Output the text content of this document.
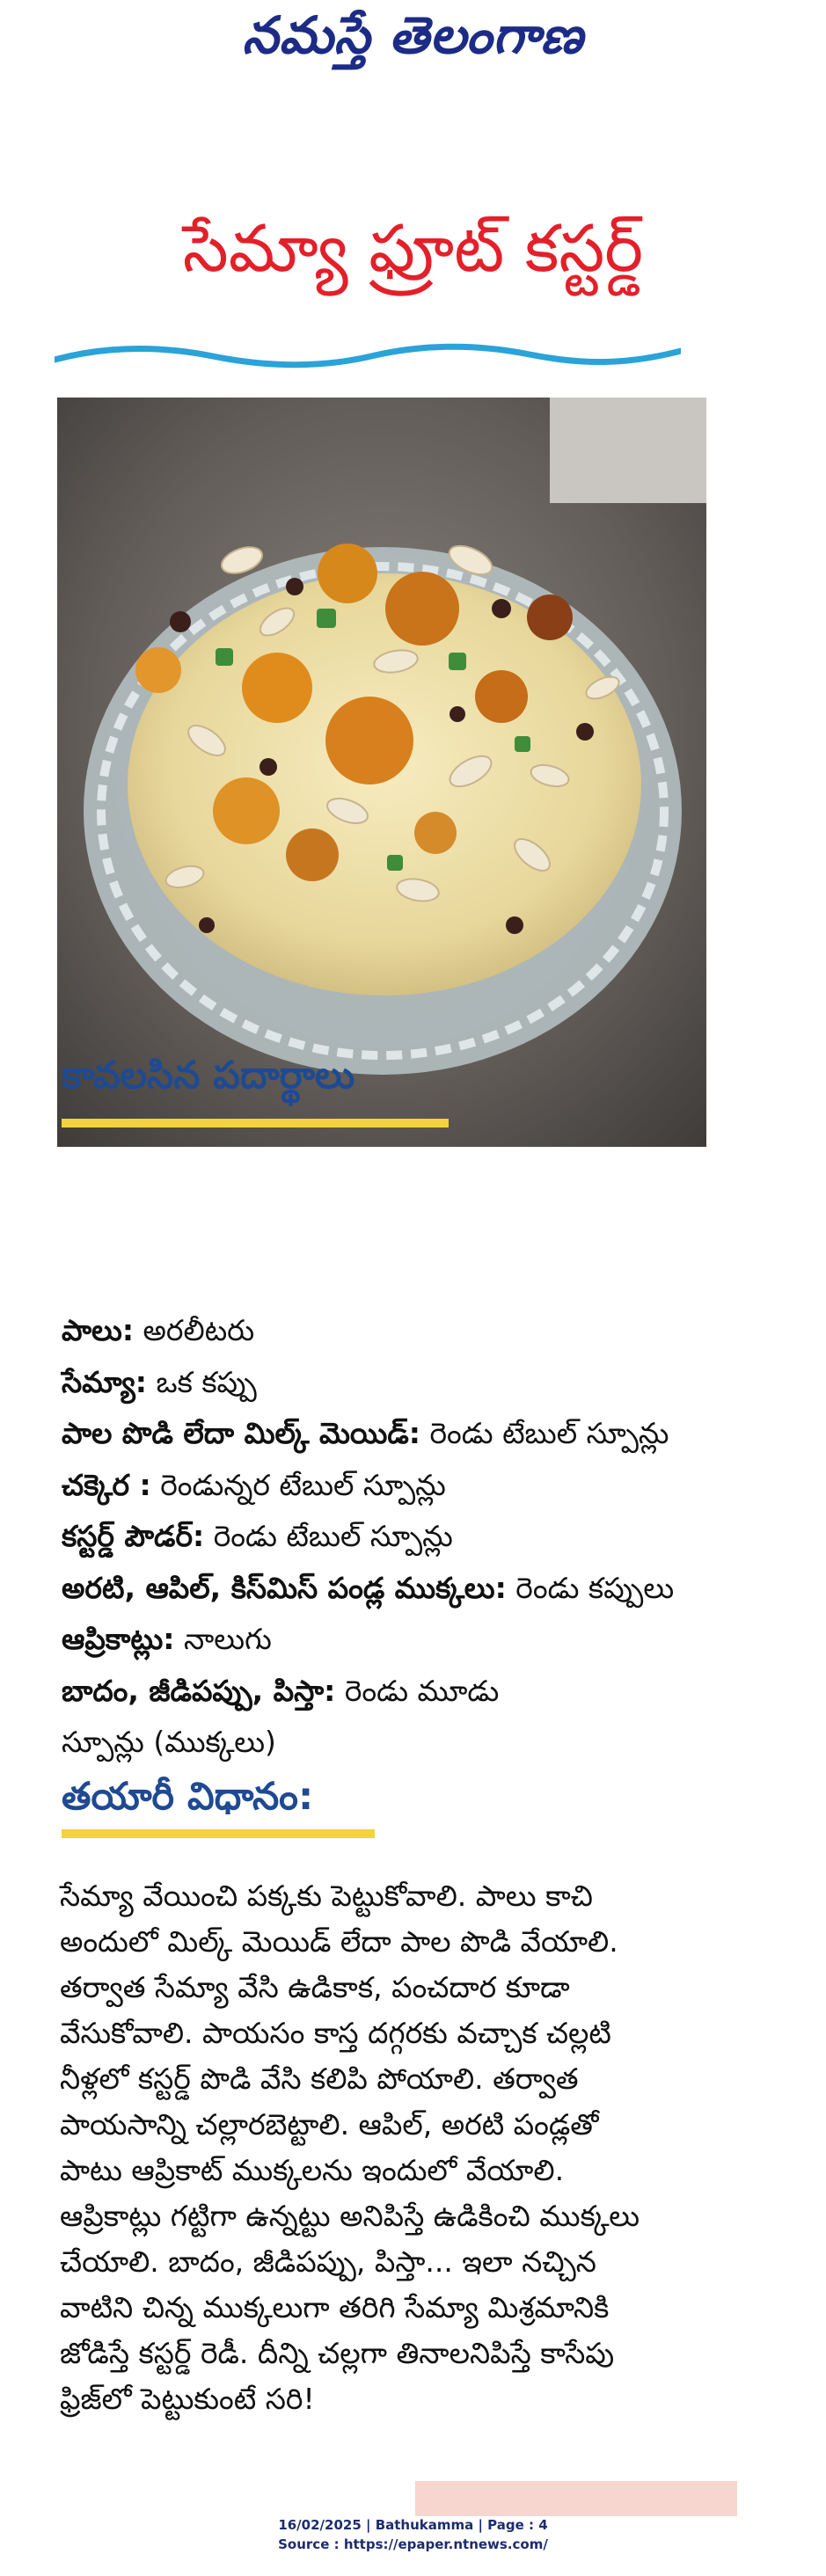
నమస్తే తెలంగాణ
సేమ్యా ఫ్రూట్ కస్టర్డ్
కావలసిన పదార్థాలు
పాలు: అరలీటరు
సేమ్యా: ఒక కప్పు
పాల పొడి లేదా మిల్క్ మెయిడ్: రెండు టేబుల్ స్పూన్లు
చక్కెర : రెండున్నర టేబుల్ స్పూన్లు
కస్టర్డ్ పౌడర్: రెండు టేబుల్ స్పూన్లు
అరటి, ఆపిల్, కిస్‌మిస్ పండ్ల ముక్కలు: రెండు కప్పులు
ఆప్రికాట్లు: నాలుగు
బాదం, జీడిపప్పు, పిస్తా: రెండు మూడు
స్పూన్లు (ముక్కలు)
తయారీ విధానం:
సేమ్యా వేయించి పక్కకు పెట్టుకోవాలి. పాలు కాచి
అందులో మిల్క్ మెయిడ్ లేదా పాల పొడి వేయాలి.
తర్వాత సేమ్యా వేసి ఉడికాక, పంచదార కూడా
వేసుకోవాలి. పాయసం కాస్త దగ్గరకు వచ్చాక చల్లటి
నీళ్లలో కస్టర్డ్ పొడి వేసి కలిపి పోయాలి. తర్వాత
పాయసాన్ని చల్లారబెట్టాలి. ఆపిల్, అరటి పండ్లతో
పాటు ఆప్రికాట్ ముక్కలను ఇందులో వేయాలి.
ఆప్రికాట్లు గట్టిగా ఉన్నట్టు అనిపిస్తే ఉడికించి ముక్కలు
చేయాలి. బాదం, జీడిపప్పు, పిస్తా... ఇలా నచ్చిన
వాటిని చిన్న ముక్కలుగా తరిగి సేమ్యా మిశ్రమానికి
జోడిస్తే కస్టర్డ్ రెడీ. దీన్ని చల్లగా తినాలనిపిస్తే కాసేపు
ఫ్రిజ్‌లో పెట్టుకుంటే సరి!
16/02/2025 | Bathukamma | Page : 4
Source : https://epaper.ntnews.com/
